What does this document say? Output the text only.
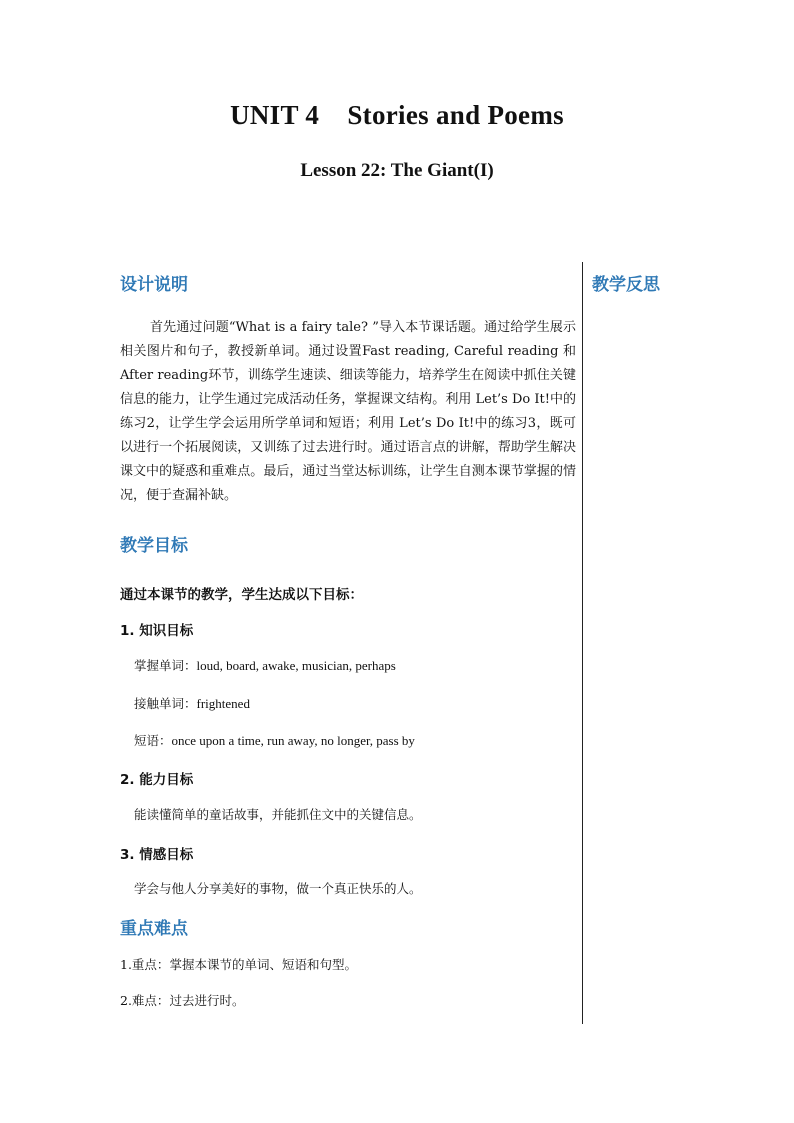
UNIT 4    Stories and Poems
Lesson 22: The Giant(I)
设计说明	教学反思
首先通过问题“What is a fairy tale? ”导入本节课话题。通过给学生展示相关图片和句子，教授新单词。通过设置Fast reading, Careful reading 和After reading环节，训练学生速读、细读等能力，培养学生在阅读中抓住关键信息的能力，让学生通过完成活动任务，掌握课文结构。利用 Let’s Do It!中的练习2，让学生学会运用所学单词和短语；利用 Let’s Do It!中的练习3，既可以进行一个拓展阅读，又训练了过去进行时。通过语言点的讲解，帮助学生解决课文中的疑惑和重难点。最后，通过当堂达标训练，让学生自测本课节掌握的情况，便于查漏补缺。
教学目标
通过本课节的教学，学生达成以下目标：
1. 知识目标
掌握单词：loud, board, awake, musician, perhaps
接触单词：frightened
短语：once upon a time, run away, no longer, pass by
2. 能力目标
能读懂简单的童话故事，并能抓住文中的关键信息。
3. 情感目标
学会与他人分享美好的事物，做一个真正快乐的人。
重点难点
1.重点：掌握本课节的单词、短语和句型。
2.难点：过去进行时。
